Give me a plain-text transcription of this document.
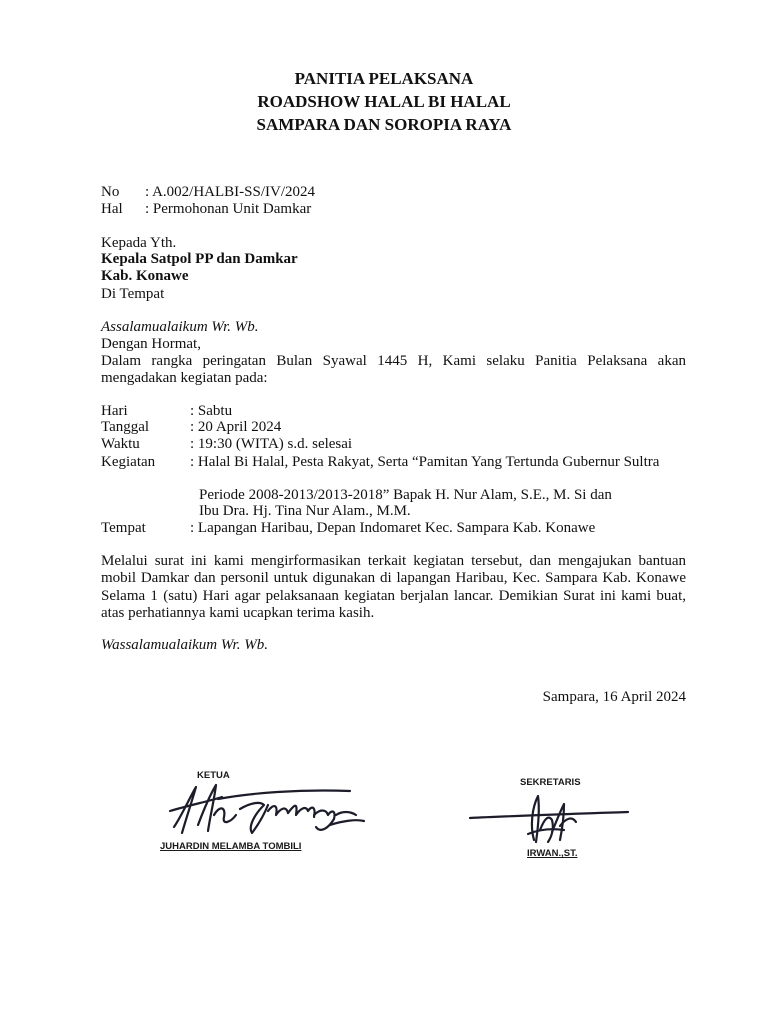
PANITIA PELAKSANA
ROADSHOW HALAL BI HALAL
SAMPARA DAN SOROPIA RAYA
No : A.002/HALBI-SS/IV/2024
Hal : Permohonan Unit Damkar
Kepada Yth.
Kepala Satpol PP dan Damkar
Kab. Konawe
Di Tempat
Assalamualaikum Wr. Wb.
Dengan Hormat,
Dalam rangka peringatan Bulan Syawal 1445 H, Kami selaku Panitia Pelaksana akan mengadakan kegiatan pada:
Hari	: Sabtu
Tanggal	: 20 April 2024
Waktu	: 19:30 (WITA) s.d. selesai
Kegiatan : Halal Bi Halal, Pesta Rakyat, Serta “Pamitan Yang Tertunda Gubernur Sultra
Periode 2008-2013/2013-2018” Bapak H. Nur Alam, S.E., M. Si dan
Ibu Dra. Hj. Tina Nur Alam., M.M.
Tempat	: Lapangan Haribau, Depan Indomaret Kec. Sampara Kab. Konawe
Melalui surat ini kami mengirformasikan terkait kegiatan tersebut, dan mengajukan bantuan mobil Damkar dan personil untuk digunakan di lapangan Haribau, Kec. Sampara Kab. Konawe Selama 1 (satu) Hari agar pelaksanaan kegiatan berjalan lancar. Demikian Surat ini kami buat, atas perhatiannya kami ucapkan terima kasih.
Wassalamualaikum Wr. Wb.
Sampara, 16 April 2024
KETUA
JUHARDIN MELAMBA TOMBILI
SEKRETARIS
IRWAN.,ST.
